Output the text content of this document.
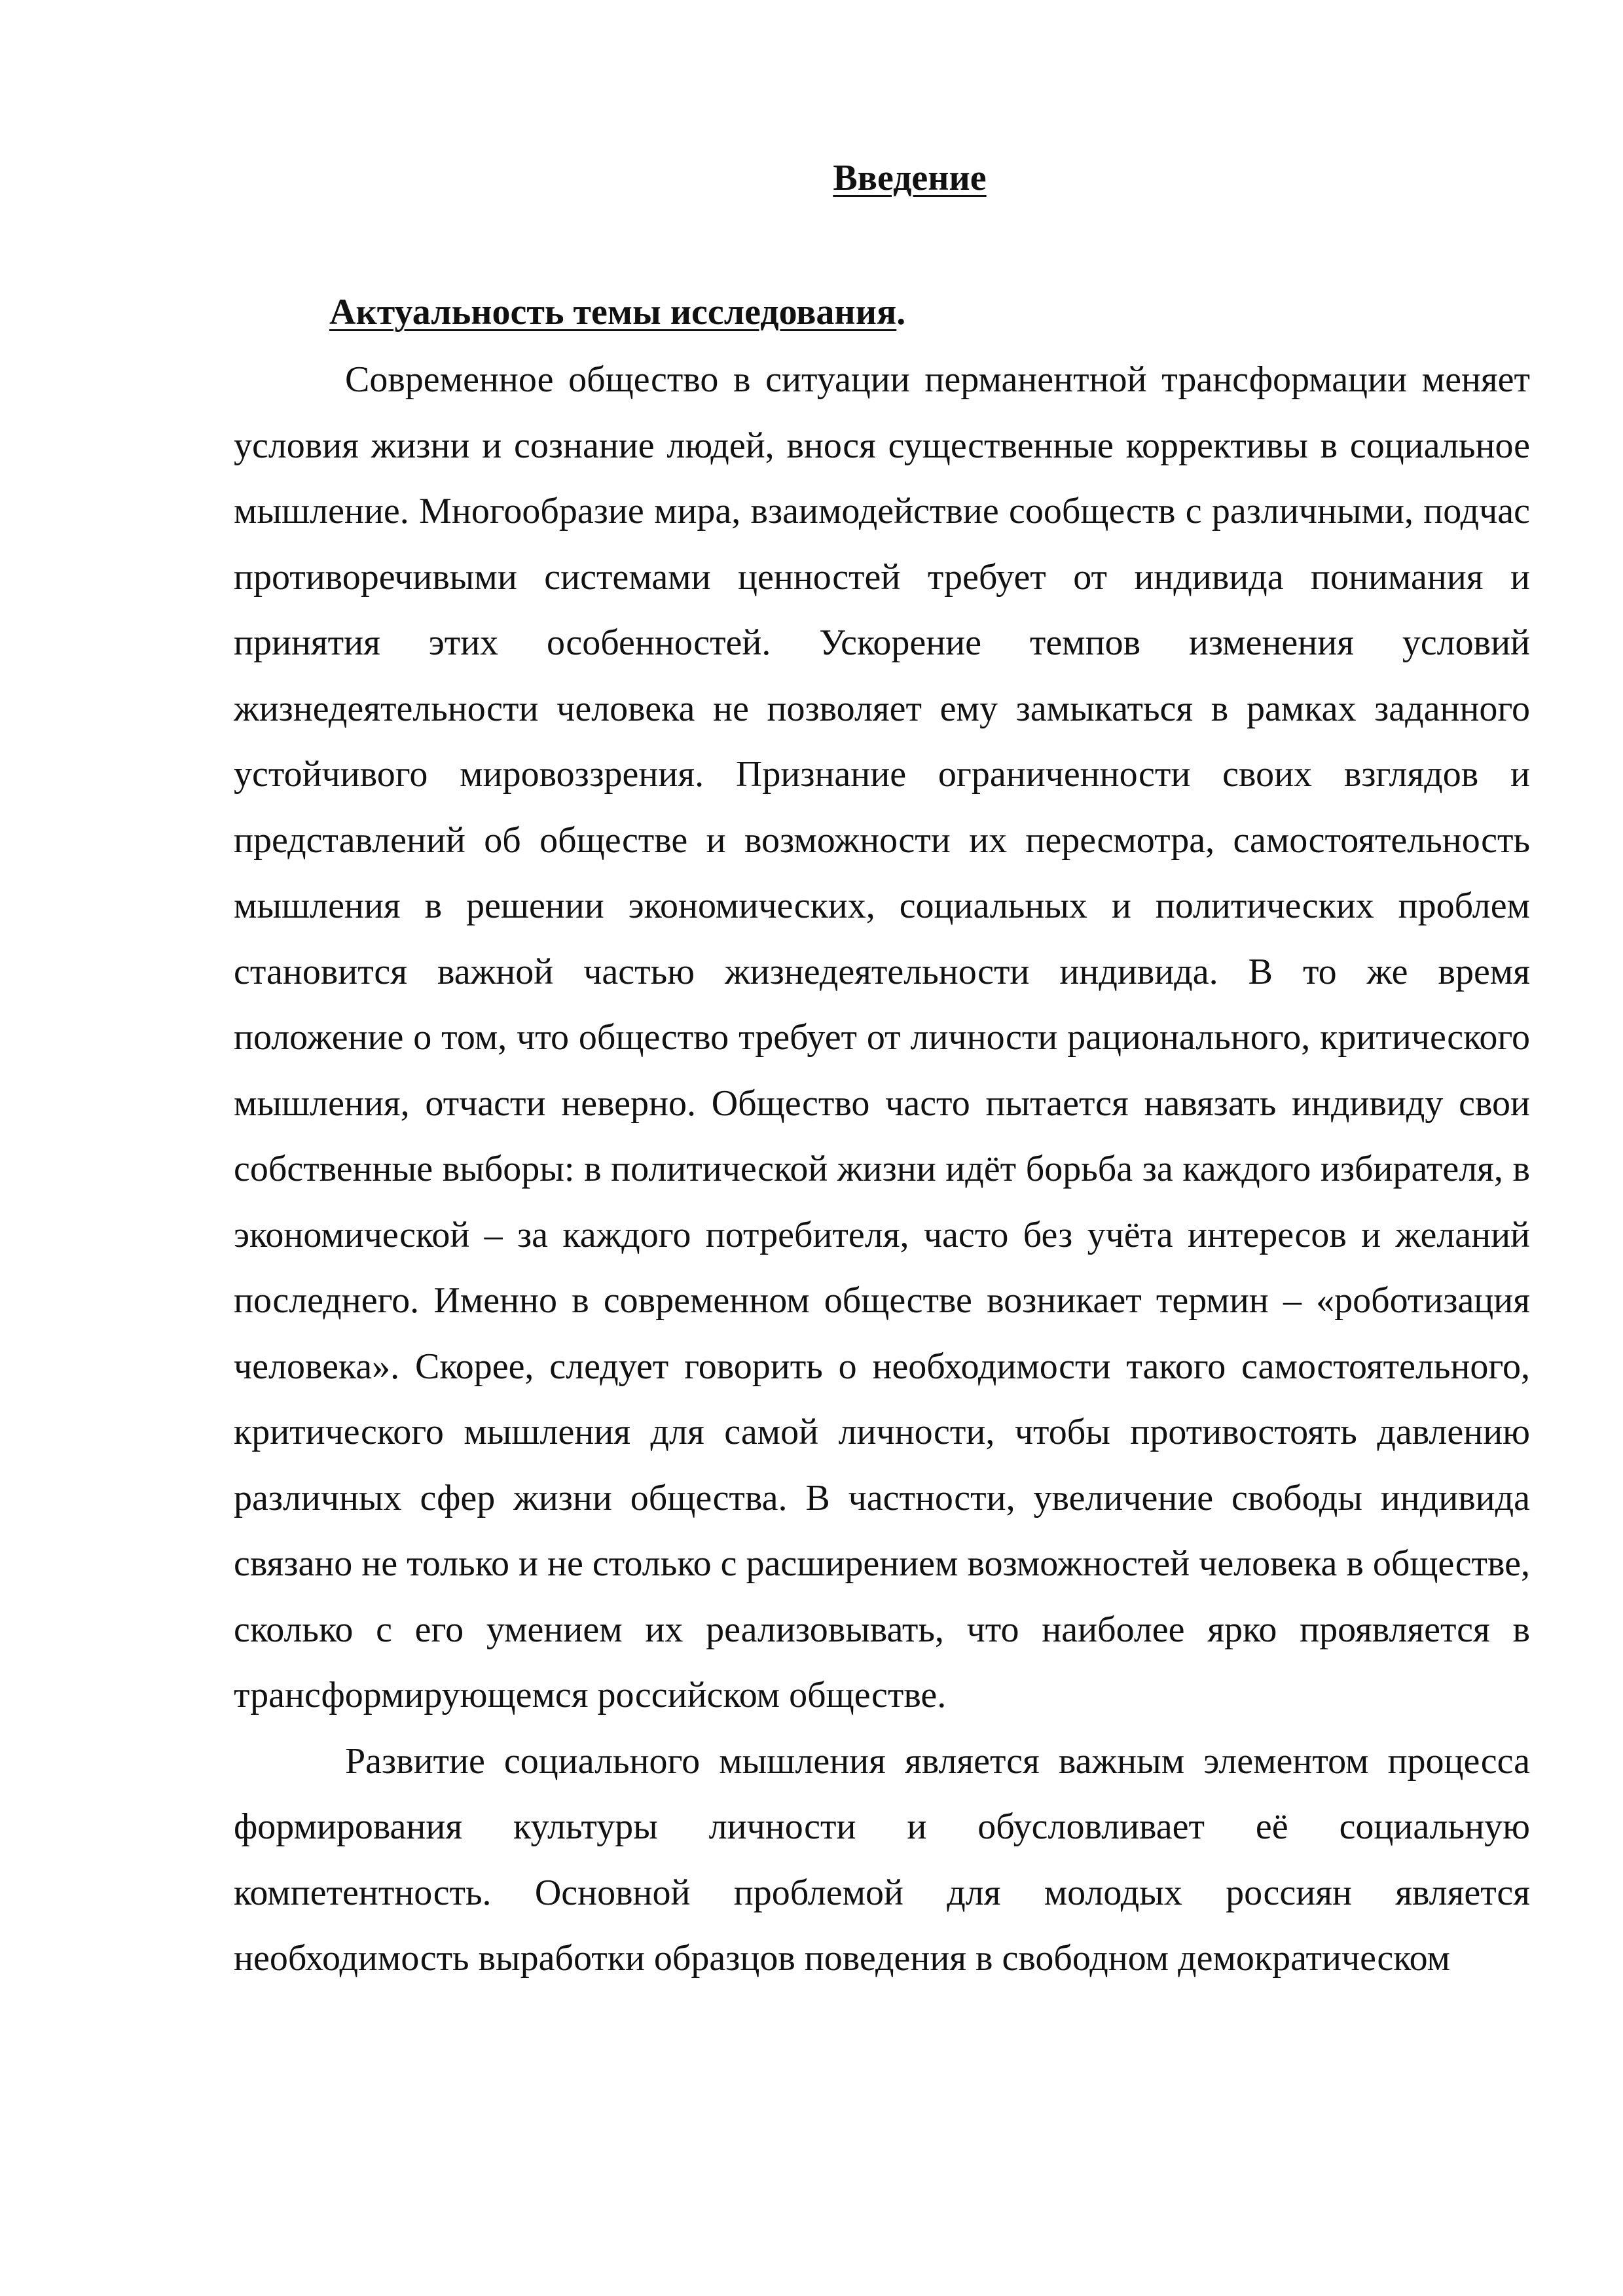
Введение
Актуальность темы исследования.

Современное общество в ситуации перманентной трансформации меняет условия жизни и сознание людей, внося существенные коррективы в социальное мышление. Многообразие мира, взаимодействие сообществ с различными, подчас противоречивыми системами ценностей требует от индивида понимания и принятия этих особенностей. Ускорение темпов изменения условий жизнедеятельности человека не позволяет ему замыкаться в рамках заданного устойчивого мировоззрения. Признание ограниченности своих взглядов и представлений об обществе и возможности их пересмотра, самостоятельность мышления в решении экономических, социальных и политических проблем становится важной частью жизнедеятельности индивида. В то же время положение о том, что общество требует от личности рационального, критического мышления, отчасти неверно. Общество часто пытается навязать индивиду свои собственные выборы: в политической жизни идёт борьба за каждого избирателя, в экономической – за каждого потребителя, часто без учёта интересов и желаний последнего. Именно в современном обществе возникает термин – «роботизация человека». Скорее, следует говорить о необходимости такого самостоятельного, критического мышления для самой личности, чтобы противостоять давлению различных сфер жизни общества. В частности, увеличение свободы индивида связано не только и не столько с расширением возможностей человека в обществе, сколько с его умением их реализовывать, что наиболее ярко проявляется в трансформирующемся российском обществе.

Развитие социального мышления является важным элементом процесса формирования культуры личности и обусловливает её социальную компетентность. Основной проблемой для молодых россиян является необходимость выработки образцов поведения в свободном демократическом
